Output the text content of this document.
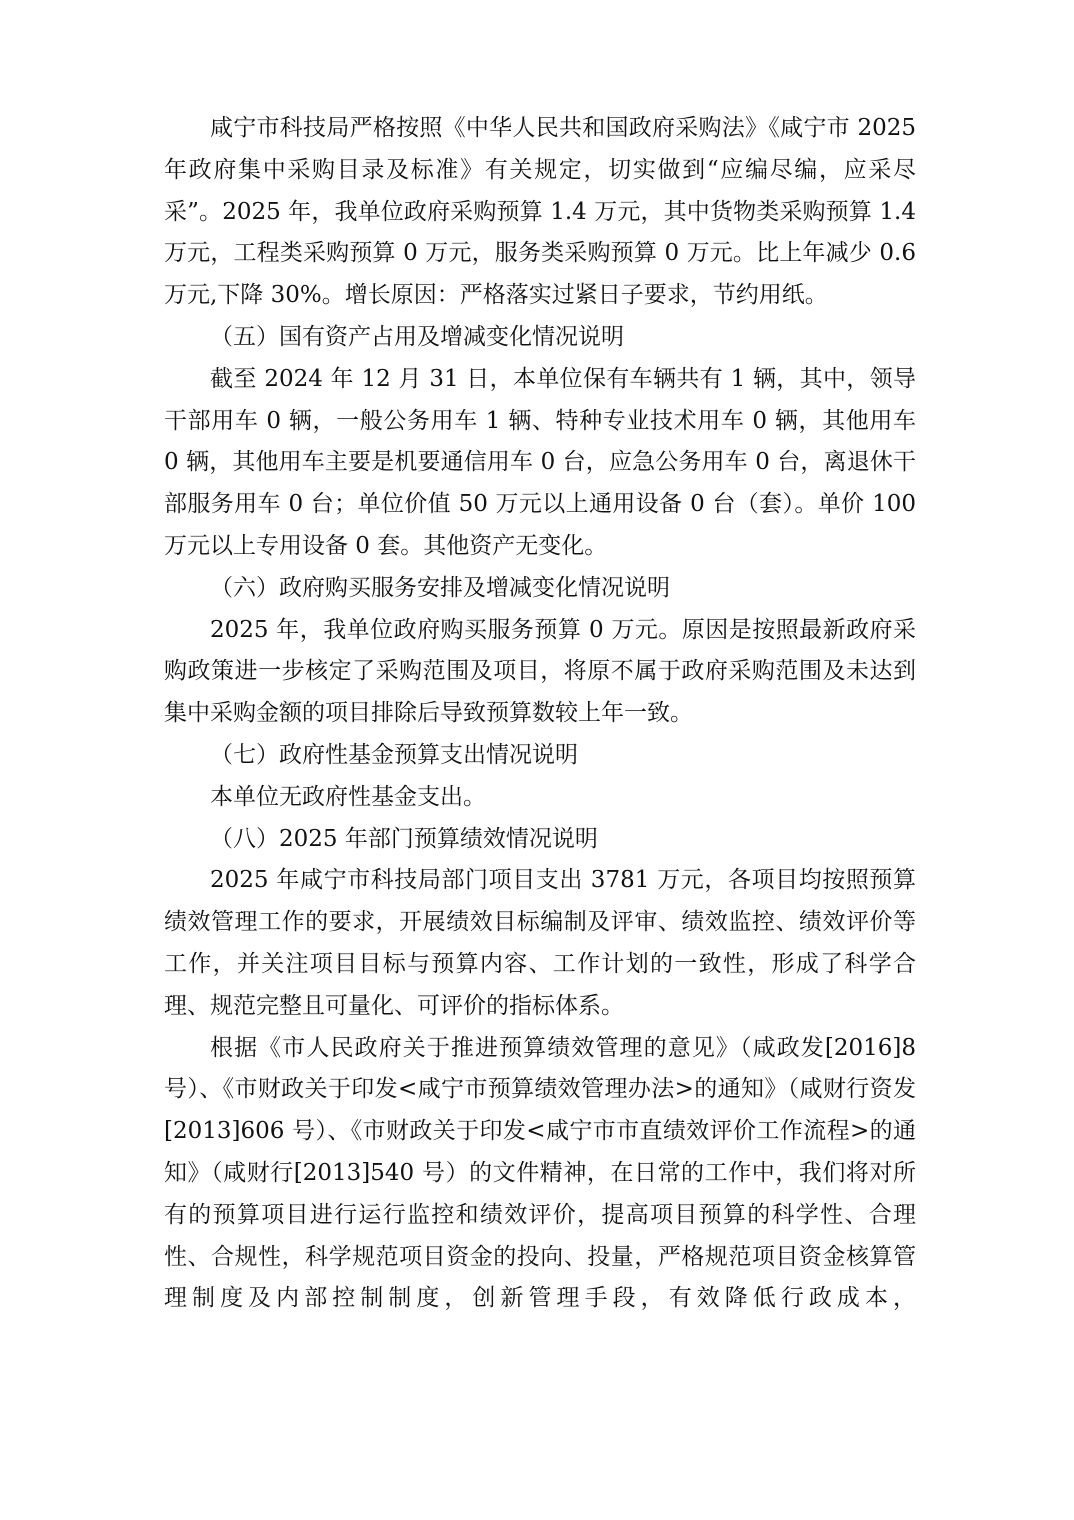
咸宁市科技局严格按照《中华人民共和国政府采购法》《咸宁市 2025 年政府集中采购目录及标准》有关规定，切实做到“应编尽编，应采尽采”。2025 年，我单位政府采购预算 1.4 万元，其中货物类采购预算 1.4 万元，工程类采购预算 0 万元，服务类采购预算 0 万元。比上年减少 0.6 万元,下降 30%。增长原因：严格落实过紧日子要求，节约用纸。

（五）国有资产占用及增减变化情况说明

截至 2024 年 12 月 31 日，本单位保有车辆共有 1 辆，其中，领导干部用车 0 辆，一般公务用车 1 辆、特种专业技术用车 0 辆，其他用车 0 辆，其他用车主要是机要通信用车 0 台，应急公务用车 0 台，离退休干部服务用车 0 台；单位价值 50 万元以上通用设备 0 台（套）。单价 100 万元以上专用设备 0 套。其他资产无变化。

（六）政府购买服务安排及增减变化情况说明

2025 年，我单位政府购买服务预算 0 万元。原因是按照最新政府采购政策进一步核定了采购范围及项目，将原不属于政府采购范围及未达到集中采购金额的项目排除后导致预算数较上年一致。

（七）政府性基金预算支出情况说明

本单位无政府性基金支出。

（八）2025 年部门预算绩效情况说明

2025 年咸宁市科技局部门项目支出 3781 万元，各项目均按照预算绩效管理工作的要求，开展绩效目标编制及评审、绩效监控、绩效评价等工作，并关注项目目标与预算内容、工作计划的一致性，形成了科学合理、规范完整且可量化、可评价的指标体系。

根据《市人民政府关于推进预算绩效管理的意见》（咸政发[2016]8号）、《市财政关于印发<咸宁市预算绩效管理办法>的通知》（咸财行资发[2013]606 号）、《市财政关于印发<咸宁市市直绩效评价工作流程>的通知》（咸财行[2013]540 号）的文件精神，在日常的工作中，我们将对所有的预算项目进行运行监控和绩效评价，提高项目预算的科学性、合理性、合规性，科学规范项目资金的投向、投量，严格规范项目资金核算管理制度及内部控制制度，创新管理手段，有效降低行政成本，
